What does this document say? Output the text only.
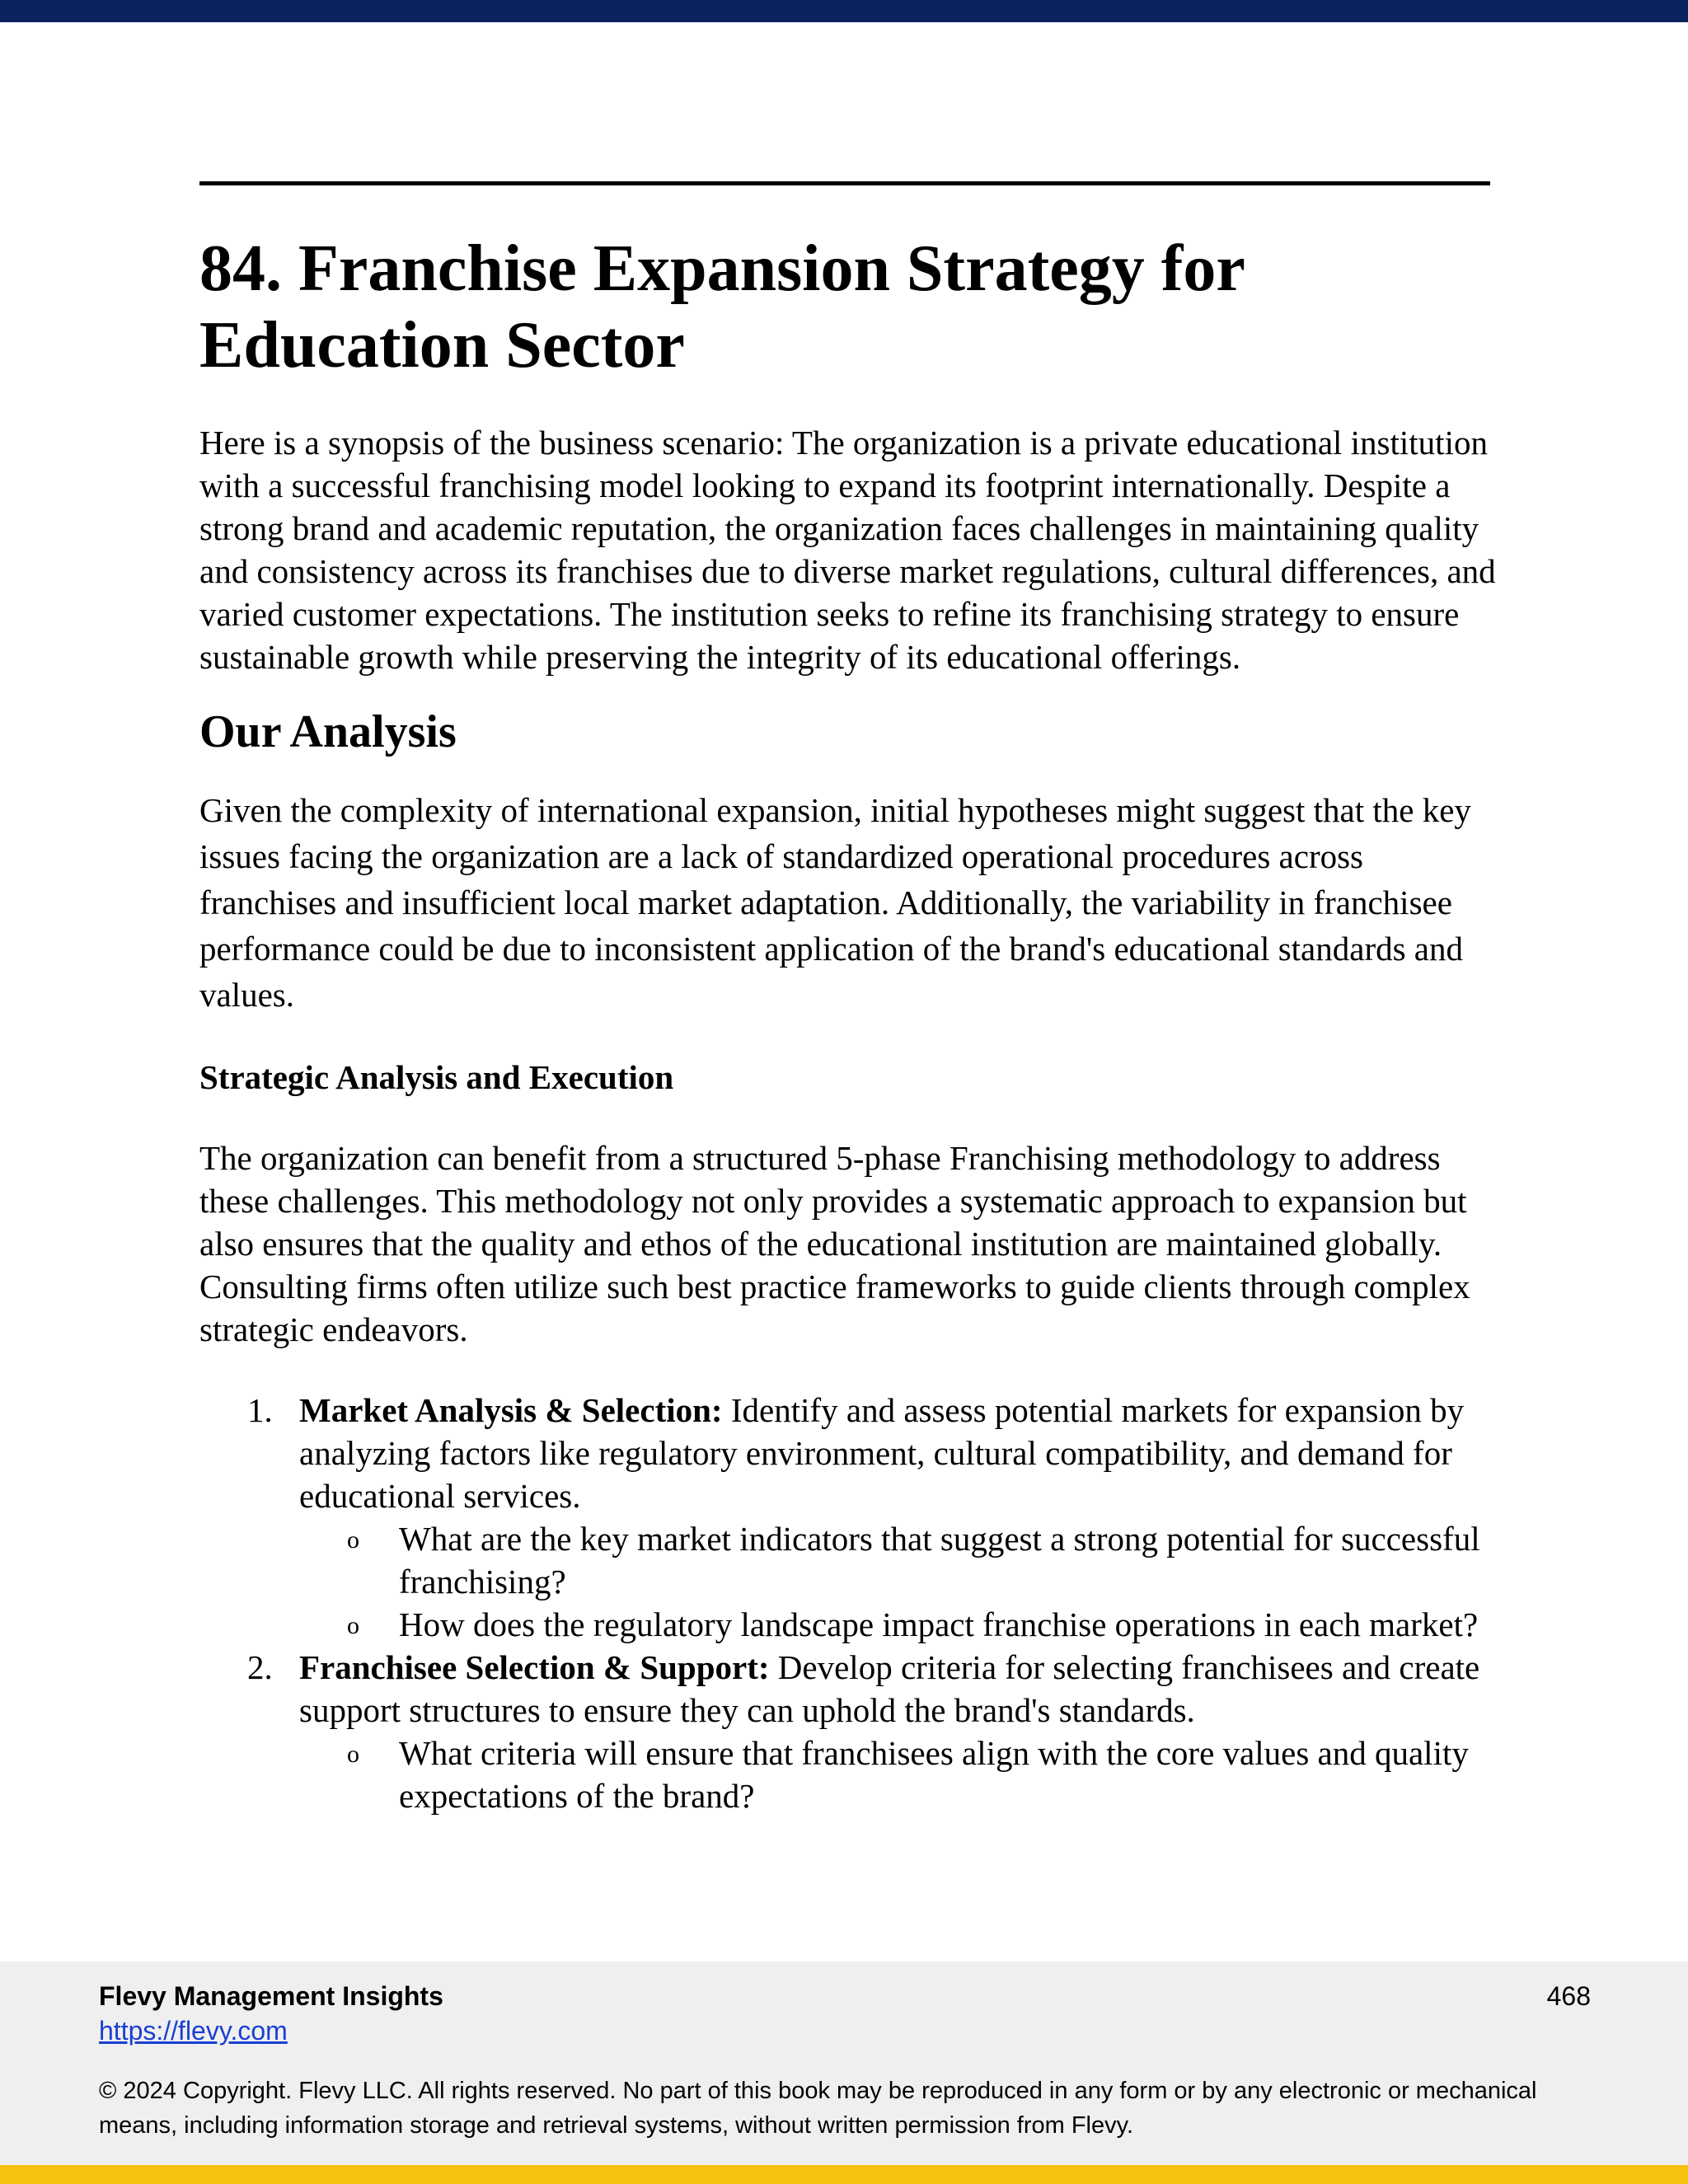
84. Franchise Expansion Strategy for Education Sector

Here is a synopsis of the business scenario: The organization is a private educational institution with a successful franchising model looking to expand its footprint internationally. Despite a strong brand and academic reputation, the organization faces challenges in maintaining quality and consistency across its franchises due to diverse market regulations, cultural differences, and varied customer expectations. The institution seeks to refine its franchising strategy to ensure sustainable growth while preserving the integrity of its educational offerings.

Our Analysis

Given the complexity of international expansion, initial hypotheses might suggest that the key issues facing the organization are a lack of standardized operational procedures across franchises and insufficient local market adaptation. Additionally, the variability in franchisee performance could be due to inconsistent application of the brand's educational standards and values.

Strategic Analysis and Execution

The organization can benefit from a structured 5-phase Franchising methodology to address these challenges. This methodology not only provides a systematic approach to expansion but also ensures that the quality and ethos of the educational institution are maintained globally. Consulting firms often utilize such best practice frameworks to guide clients through complex strategic endeavors.

1. Market Analysis & Selection: Identify and assess potential markets for expansion by analyzing factors like regulatory environment, cultural compatibility, and demand for educational services.
o What are the key market indicators that suggest a strong potential for successful franchising?
o How does the regulatory landscape impact franchise operations in each market?
2. Franchisee Selection & Support: Develop criteria for selecting franchisees and create support structures to ensure they can uphold the brand's standards.
o What criteria will ensure that franchisees align with the core values and quality expectations of the brand?
Flevy Management Insights
https://flevy.com
468
© 2024 Copyright. Flevy LLC. All rights reserved. No part of this book may be reproduced in any form or by any electronic or mechanical means, including information storage and retrieval systems, without written permission from Flevy.
